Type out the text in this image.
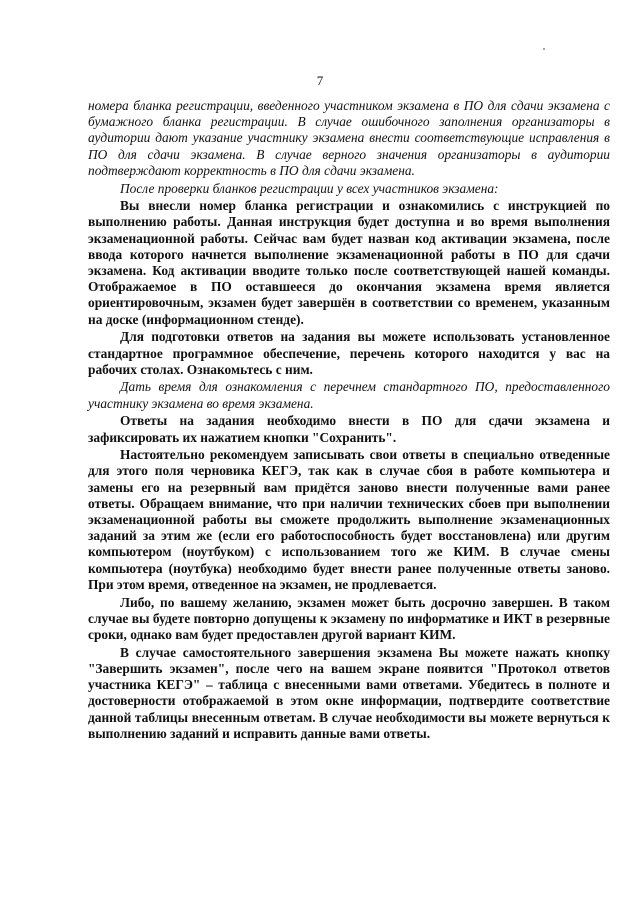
7

номера бланка регистрации, введенного участником экзамена в ПО для сдачи экзамена с бумажного бланка регистрации. В случае ошибочного заполнения организаторы в аудитории дают указание участнику экзамена внести соответствующие исправления в ПО для сдачи экзамена. В случае верного значения организаторы в аудитории подтверждают корректность в ПО для сдачи экзамена.

После проверки бланков регистрации у всех участников экзамена:

Вы внесли номер бланка регистрации и ознакомились с инструкцией по выполнению работы. Данная инструкция будет доступна и во время выполнения экзаменационной работы. Сейчас вам будет назван код активации экзамена, после ввода которого начнется выполнение экзаменационной работы в ПО для сдачи экзамена. Код активации вводите только после соответствующей нашей команды. Отображаемое в ПО оставшееся до окончания экзамена время является ориентировочным, экзамен будет завершён в соответствии со временем, указанным на доске (информационном стенде).

Для подготовки ответов на задания вы можете использовать установленное стандартное программное обеспечение, перечень которого находится у вас на рабочих столах. Ознакомьтесь с ним.

Дать время для ознакомления с перечнем стандартного ПО, предоставленного участнику экзамена во время экзамена.

Ответы на задания необходимо внести в ПО для сдачи экзамена и зафиксировать их нажатием кнопки "Сохранить".

Настоятельно рекомендуем записывать свои ответы в специально отведенные для этого поля черновика КЕГЭ, так как в случае сбоя в работе компьютера и замены его на резервный вам придётся заново внести полученные вами ранее ответы. Обращаем внимание, что при наличии технических сбоев при выполнении экзаменационной работы вы сможете продолжить выполнение экзаменационных заданий за этим же (если его работоспособность будет восстановлена) или другим компьютером (ноутбуком) с использованием того же КИМ. В случае смены компьютера (ноутбука) необходимо будет внести ранее полученные ответы заново. При этом время, отведенное на экзамен, не продлевается.

Либо, по вашему желанию, экзамен может быть досрочно завершен. В таком случае вы будете повторно допущены к экзамену по информатике и ИКТ в резервные сроки, однако вам будет предоставлен другой вариант КИМ.

В случае самостоятельного завершения экзамена Вы можете нажать кнопку "Завершить экзамен", после чего на вашем экране появится "Протокол ответов участника КЕГЭ" – таблица с внесенными вами ответами. Убедитесь в полноте и достоверности отображаемой в этом окне информации, подтвердите соответствие данной таблицы внесенным ответам. В случае необходимости вы можете вернуться к выполнению заданий и исправить данные вами ответы.
